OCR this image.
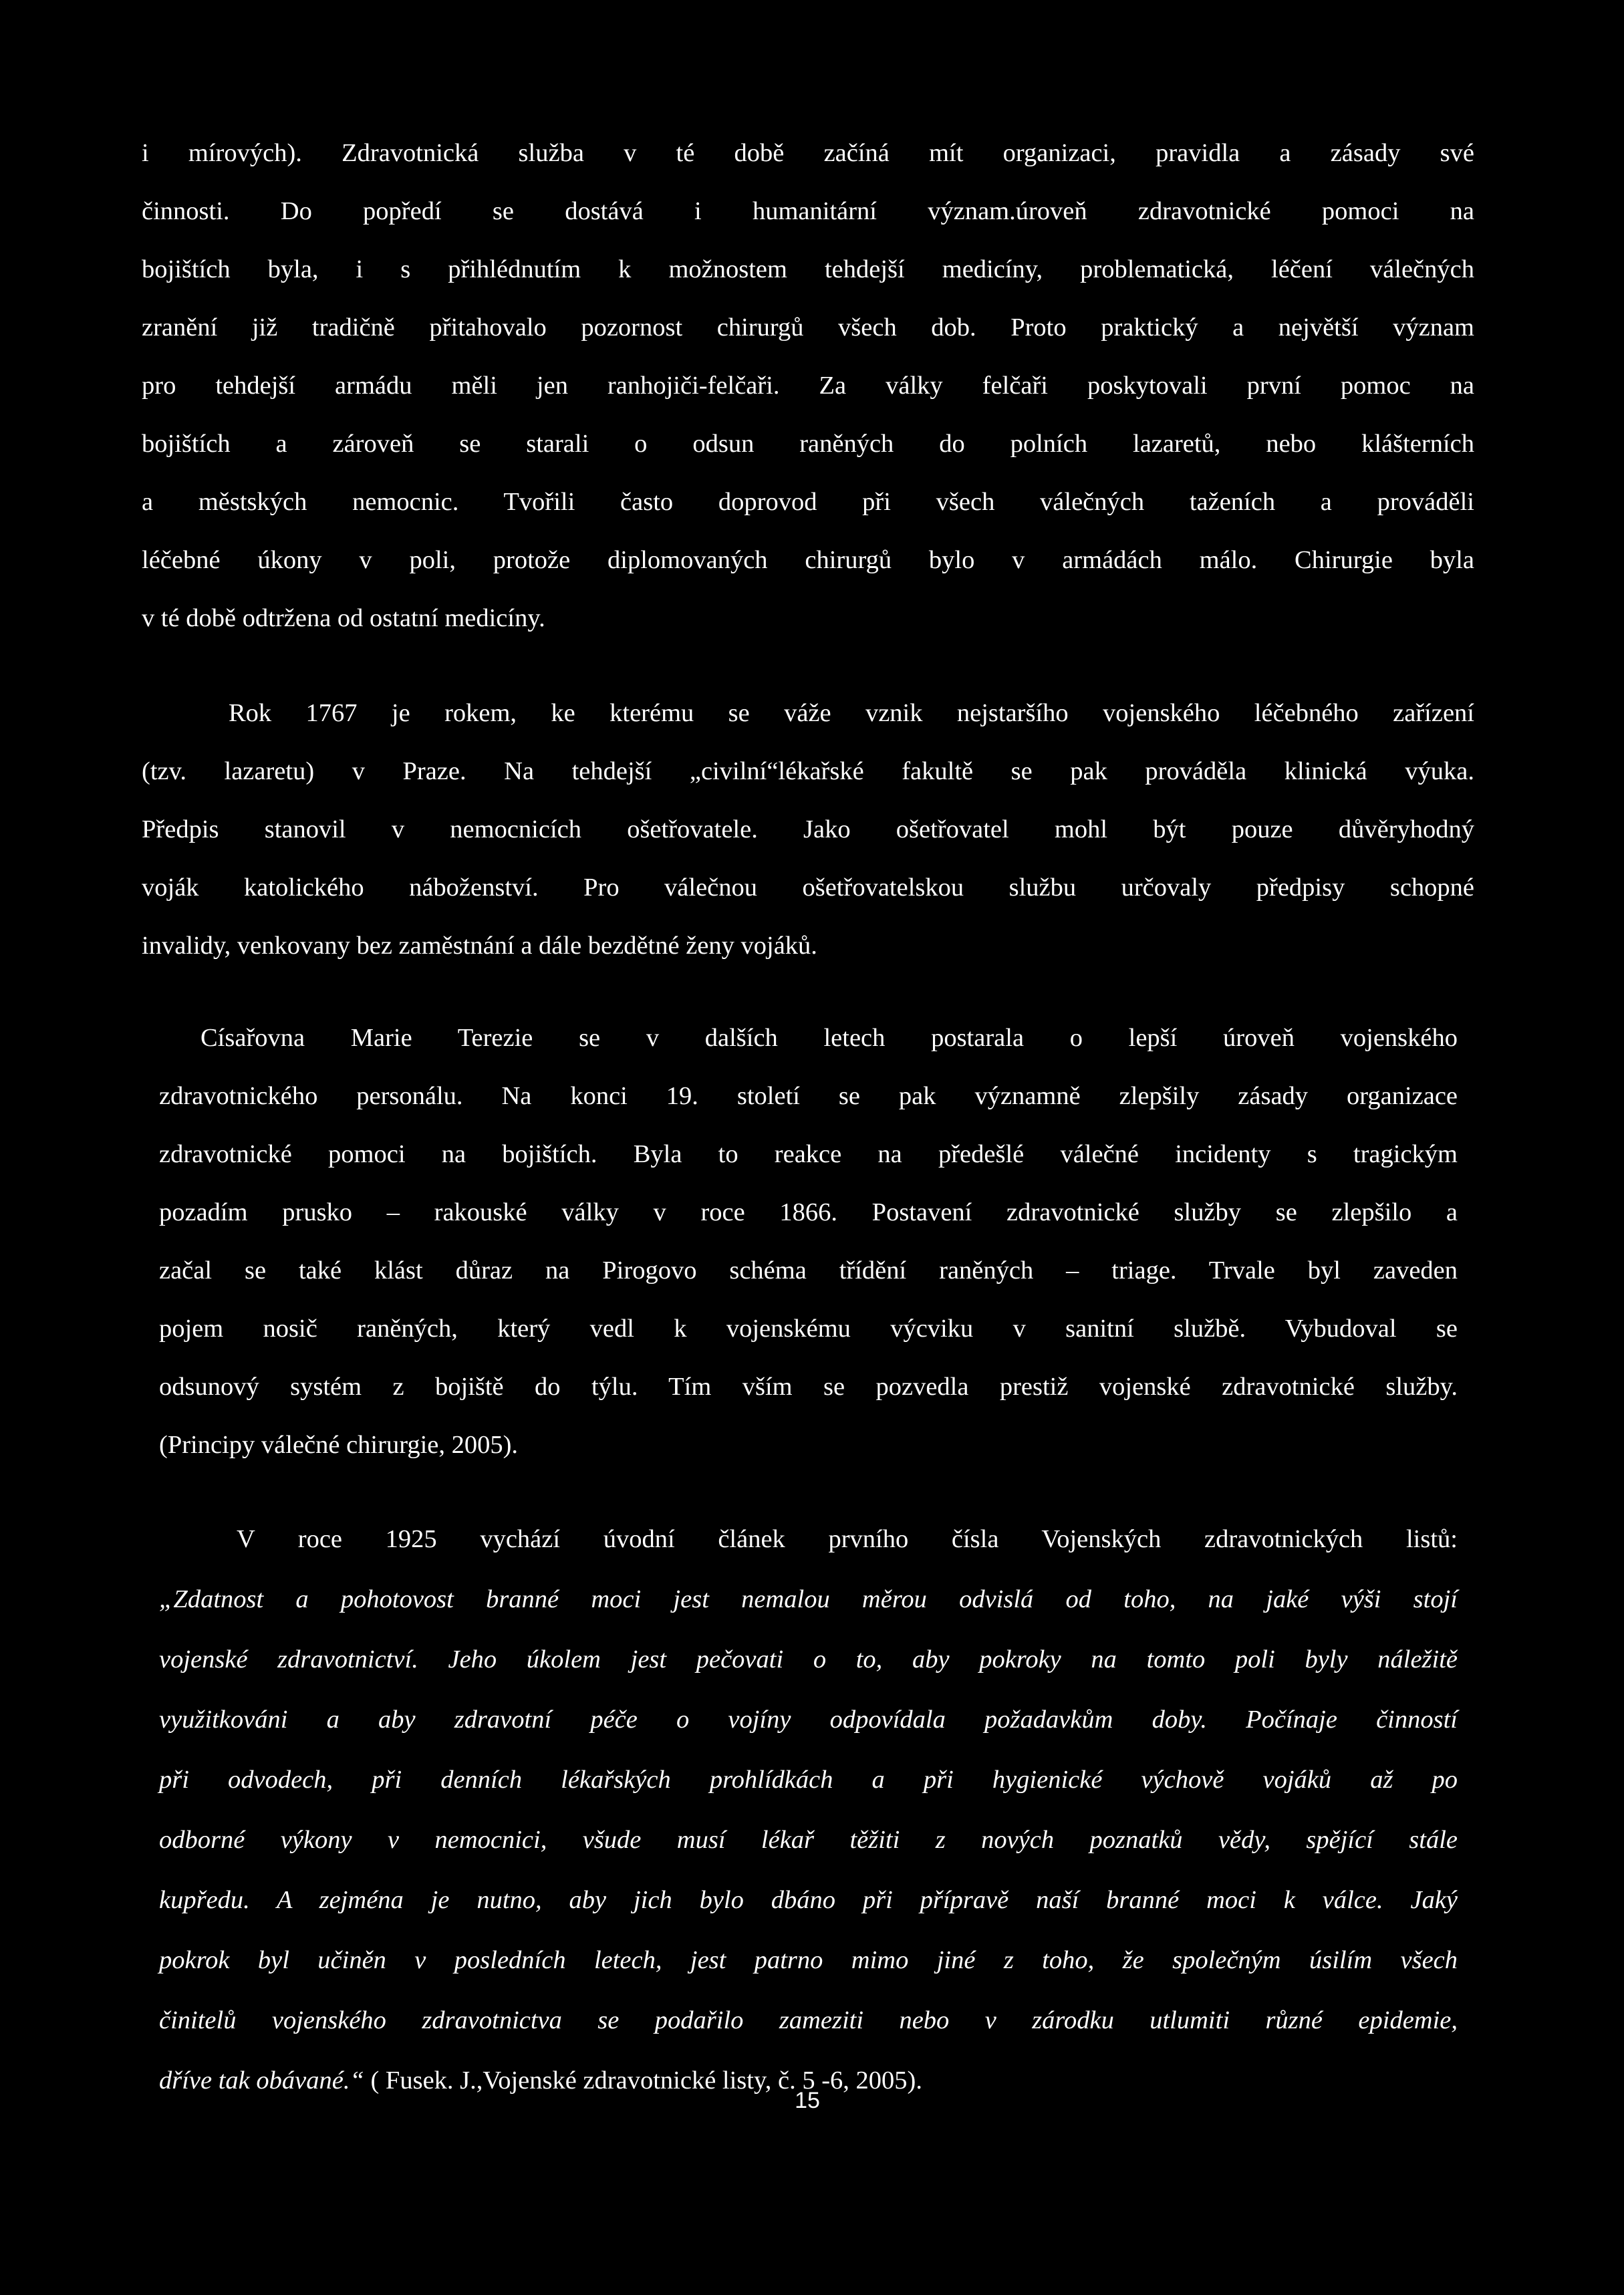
i mírových). Zdravotnická služba v té době začíná mít organizaci, pravidla a zásady své
činnosti. Do popředí se dostává i humanitární význam.úroveň zdravotnické pomoci na
bojištích byla, i s přihlédnutím k možnostem tehdejší medicíny, problematická, léčení válečných
zranění již tradičně přitahovalo pozornost chirurgů všech dob. Proto praktický a největší význam
pro tehdejší armádu měli jen ranhojiči-felčaři. Za války felčaři poskytovali první pomoc na
bojištích a zároveň se starali o odsun raněných do polních lazaretů, nebo klášterních
a městských nemocnic. Tvořili často doprovod při všech válečných taženích a prováděli
léčebné úkony v poli, protože diplomovaných chirurgů bylo v armádách málo. Chirurgie byla
v té době odtržena od ostatní medicíny.
Rok 1767 je rokem, ke kterému se váže vznik nejstaršího vojenského léčebného zařízení
(tzv. lazaretu) v Praze. Na tehdejší „civilní“lékařské fakultě se pak prováděla klinická výuka.
Předpis stanovil v nemocnicích ošetřovatele. Jako ošetřovatel mohl být pouze důvěryhodný
voják katolického náboženství. Pro válečnou ošetřovatelskou službu určovaly předpisy schopné
invalidy, venkovany bez zaměstnání a dále bezdětné ženy vojáků.
Císařovna Marie Terezie se v dalších letech postarala o lepší úroveň vojenského
zdravotnického personálu. Na konci 19. století se pak významně zlepšily zásady organizace
zdravotnické pomoci na bojištích. Byla to reakce na předešlé válečné incidenty s tragickým
pozadím prusko – rakouské války v roce 1866. Postavení zdravotnické služby se zlepšilo a
začal se také klást důraz na Pirogovo schéma třídění raněných – triage. Trvale byl zaveden
pojem nosič raněných, který vedl k vojenskému výcviku v sanitní službě. Vybudoval se
odsunový systém z bojiště do týlu. Tím vším se pozvedla prestiž vojenské zdravotnické služby.
(Principy válečné chirurgie, 2005).
V roce 1925 vychází úvodní článek prvního čísla Vojenských zdravotnických listů:
„Zdatnost a pohotovost branné moci jest nemalou měrou odvislá od toho, na jaké výši stojí
vojenské zdravotnictví. Jeho úkolem jest pečovati o to, aby pokroky na tomto poli byly náležitě
využitkováni a aby zdravotní péče o vojíny odpovídala požadavkům doby. Počínaje činností
při odvodech, při denních lékařských prohlídkách a při hygienické výchově vojáků až po
odborné výkony v nemocnici, všude musí lékař těžiti z nových poznatků vědy, spějící stále
kupředu. A zejména je nutno, aby jich bylo dbáno při přípravě naší branné moci k válce. Jaký
pokrok byl učiněn v posledních letech, jest patrno mimo jiné z toho, že společným úsilím všech
činitelů vojenského zdravotnictva se podařilo zameziti nebo v zárodku utlumiti různé epidemie,
dříve tak obávané.“ ( Fusek. J.,Vojenské zdravotnické listy, č. 5 -6, 2005).
15
